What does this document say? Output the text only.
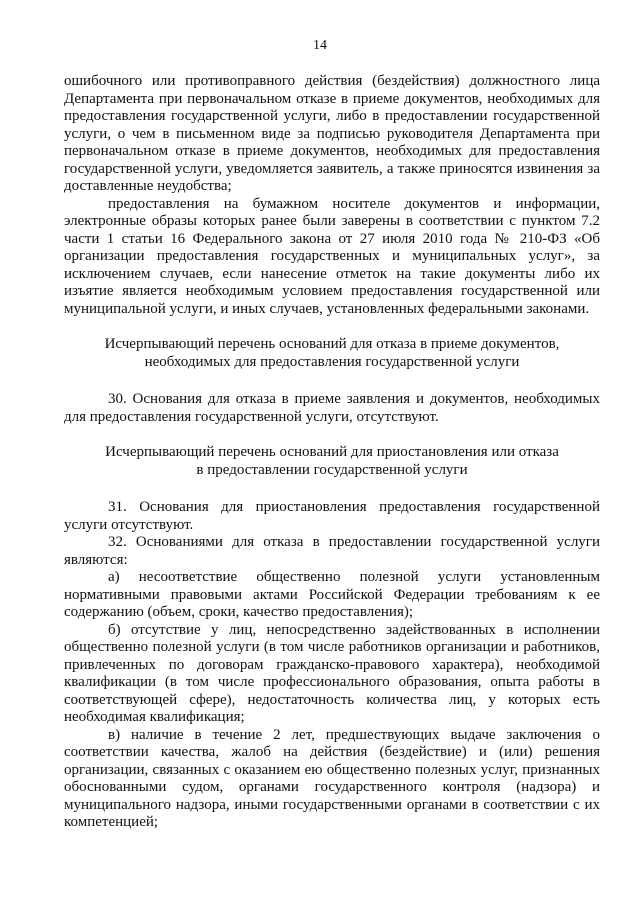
14

ошибочного или противоправного действия (бездействия) должностного лица Департамента при первоначальном отказе в приеме документов, необходимых для предоставления государственной услуги, либо в предоставлении государственной услуги, о чем в письменном виде за подписью руководителя Департамента при первоначальном отказе в приеме документов, необходимых для предоставления государственной услуги, уведомляется заявитель, а также приносятся извинения за доставленные неудобства;

предоставления на бумажном носителе документов и информации, электронные образы которых ранее были заверены в соответствии с пунктом 7.2 части 1 статьи 16 Федерального закона от 27 июля 2010 года № 210-ФЗ «Об организации предоставления государственных и муниципальных услуг», за исключением случаев, если нанесение отметок на такие документы либо их изъятие является необходимым условием предоставления государственной или муниципальной услуги, и иных случаев, установленных федеральными законами.

Исчерпывающий перечень оснований для отказа в приеме документов,
необходимых для предоставления государственной услуги

30. Основания для отказа в приеме заявления и документов, необходимых для предоставления государственной услуги, отсутствуют.

Исчерпывающий перечень оснований для приостановления или отказа
в предоставлении государственной услуги

31. Основания для приостановления предоставления государственной услуги отсутствуют.

32. Основаниями для отказа в предоставлении государственной услуги являются:

а) несоответствие общественно полезной услуги установленным нормативными правовыми актами Российской Федерации требованиям к ее содержанию (объем, сроки, качество предоставления);

б) отсутствие у лиц, непосредственно задействованных в исполнении общественно полезной услуги (в том числе работников организации и работников, привлеченных по договорам гражданско-правового характера), необходимой квалификации (в том числе профессионального образования, опыта работы в соответствующей сфере), недостаточность количества лиц, у которых есть необходимая квалификация;

в) наличие в течение 2 лет, предшествующих выдаче заключения о соответствии качества, жалоб на действия (бездействие) и (или) решения организации, связанных с оказанием ею общественно полезных услуг, признанных обоснованными судом, органами государственного контроля (надзора) и муниципального надзора, иными государственными органами в соответствии с их компетенцией;
